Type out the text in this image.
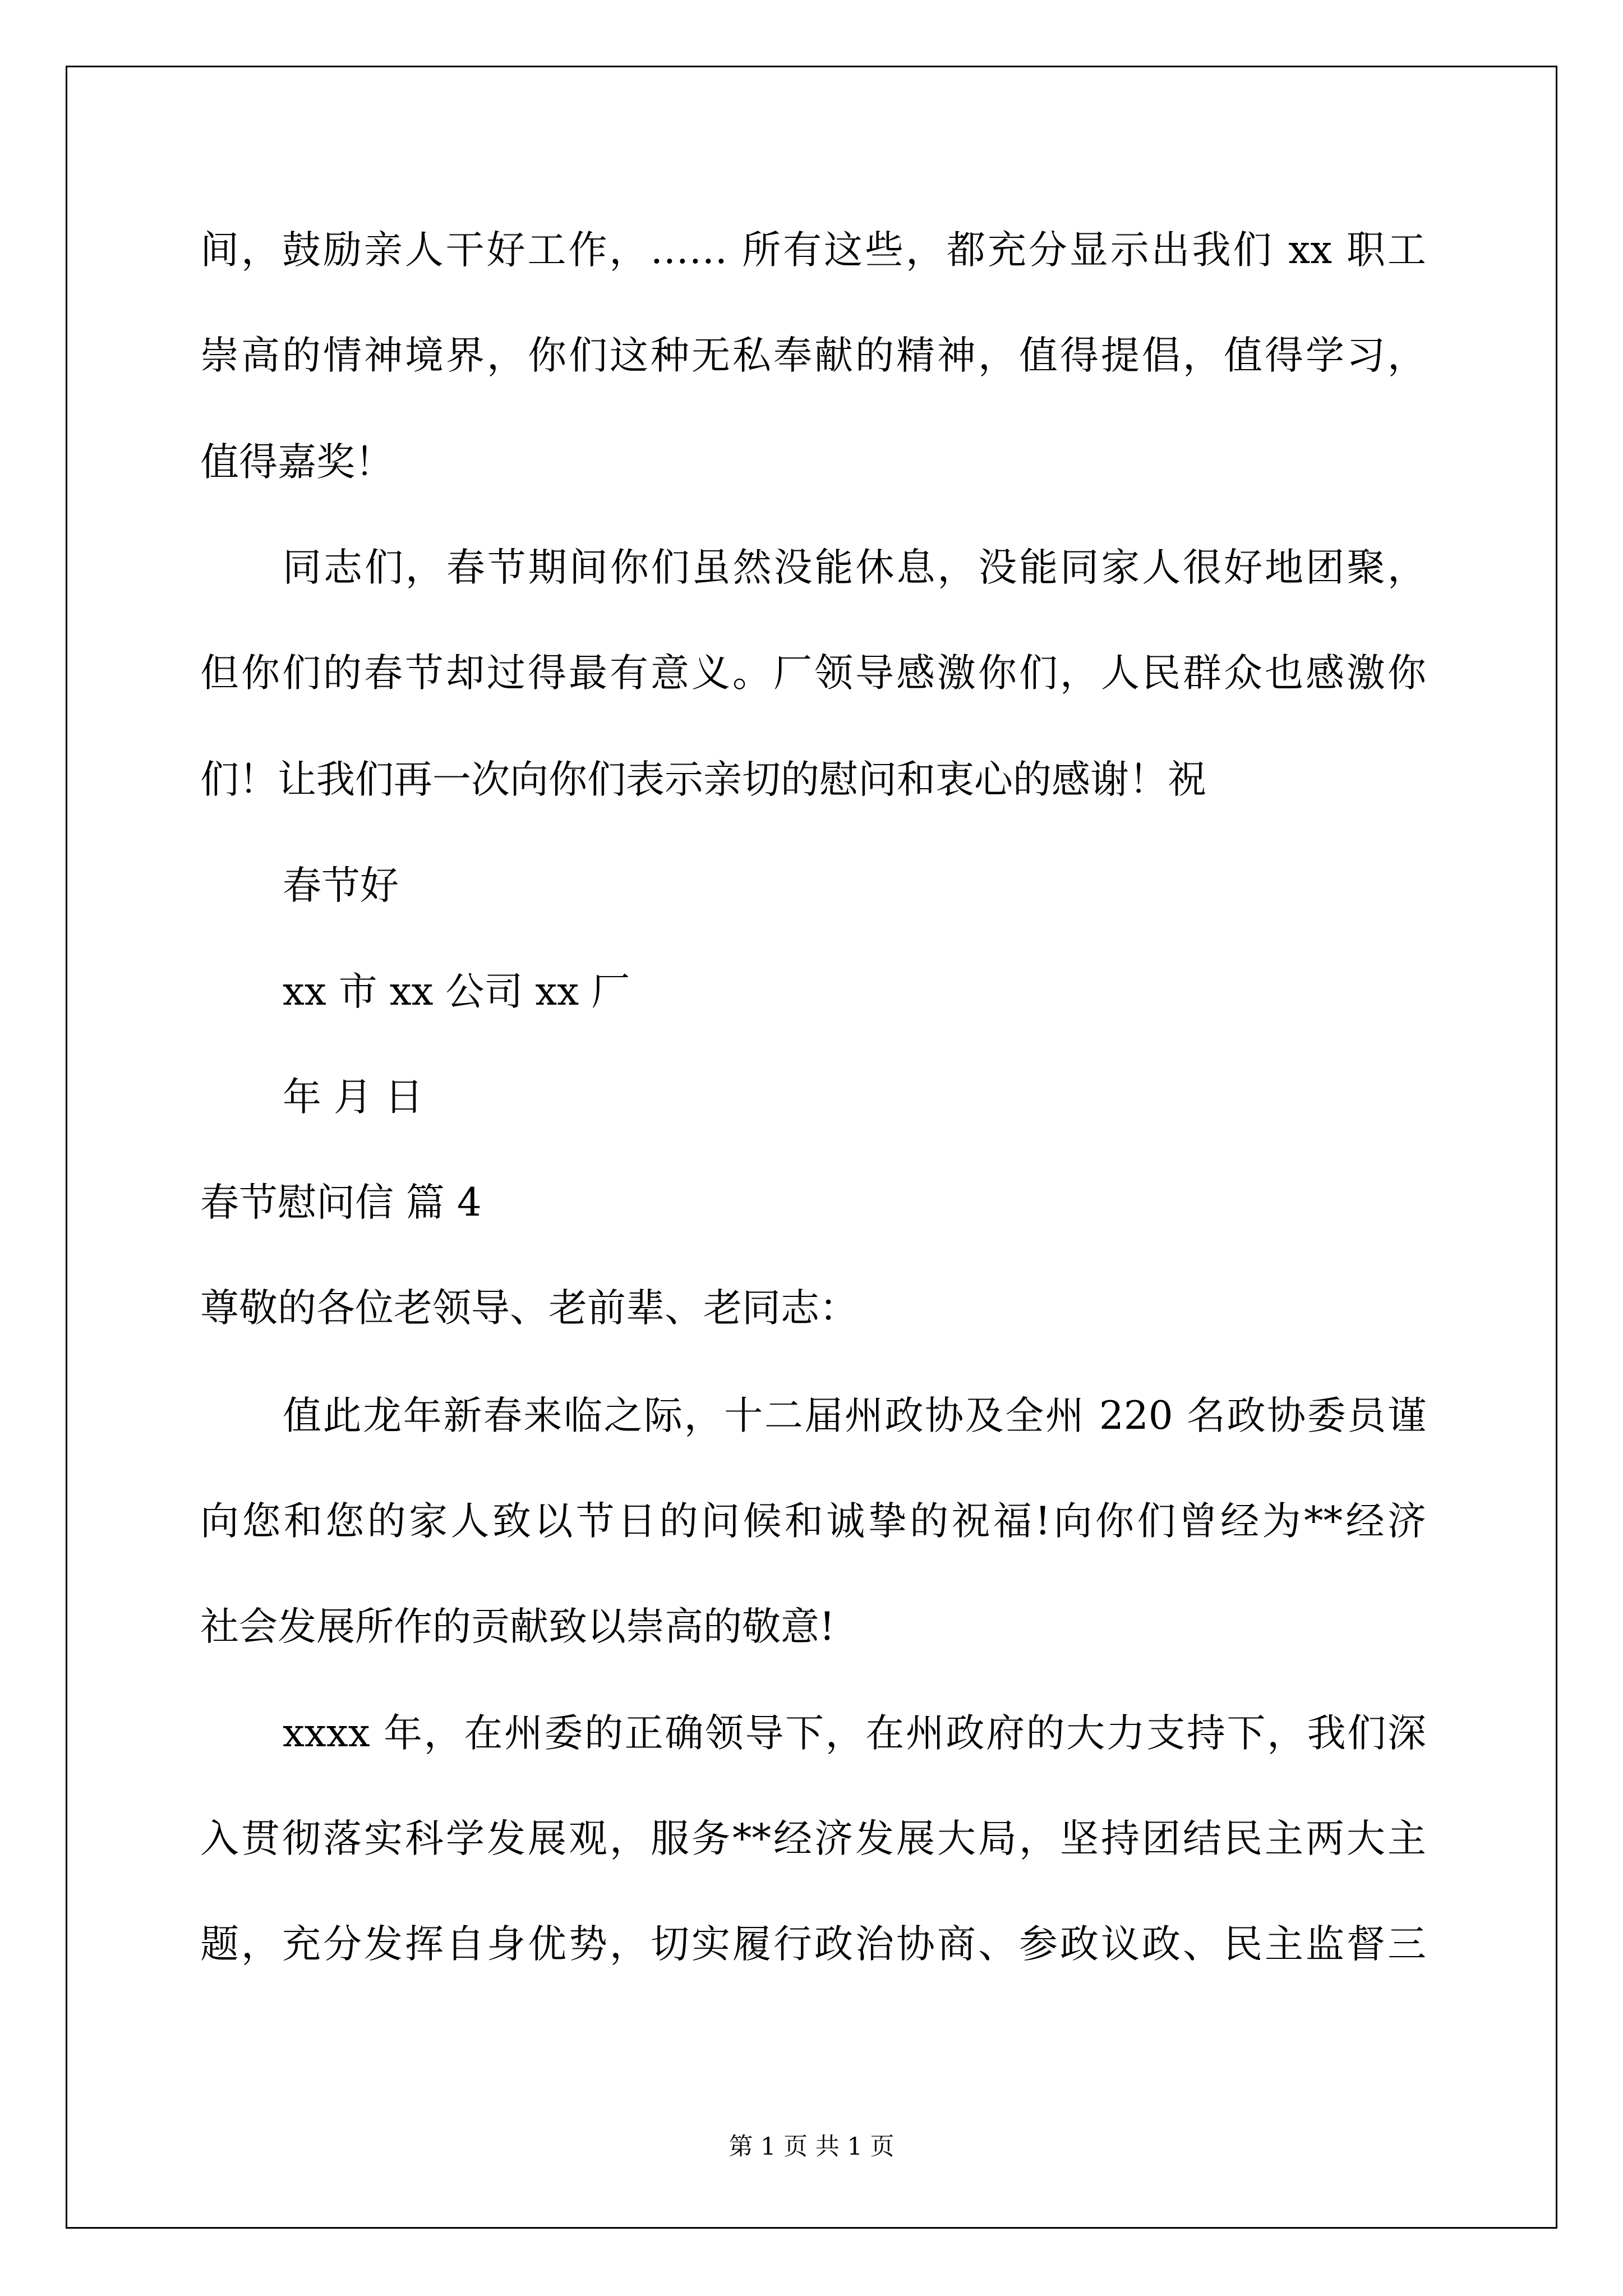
间，鼓励亲人干好工作，…… 所有这些，都充分显示出我们 xx 职工
崇高的情神境界，你们这种无私奉献的精神，值得提倡，值得学习，
值得嘉奖！
同志们，春节期间你们虽然没能休息，没能同家人很好地团聚，
但你们的春节却过得最有意义。厂领导感激你们，人民群众也感激你
们！让我们再一次向你们表示亲切的慰问和衷心的感谢！祝
春节好
xx 市 xx 公司 xx 厂
年 月 日
春节慰问信 篇 4
尊敬的各位老领导、老前辈、老同志：
值此龙年新春来临之际，十二届州政协及全州 220 名政协委员谨
向您和您的家人致以节日的问候和诚挚的祝福!向你们曾经为**经济
社会发展所作的贡献致以崇高的敬意!
xxxx 年，在州委的正确领导下，在州政府的大力支持下，我们深
入贯彻落实科学发展观，服务**经济发展大局，坚持团结民主两大主
题，充分发挥自身优势，切实履行政治协商、参政议政、民主监督三
第 1 页 共 1 页
